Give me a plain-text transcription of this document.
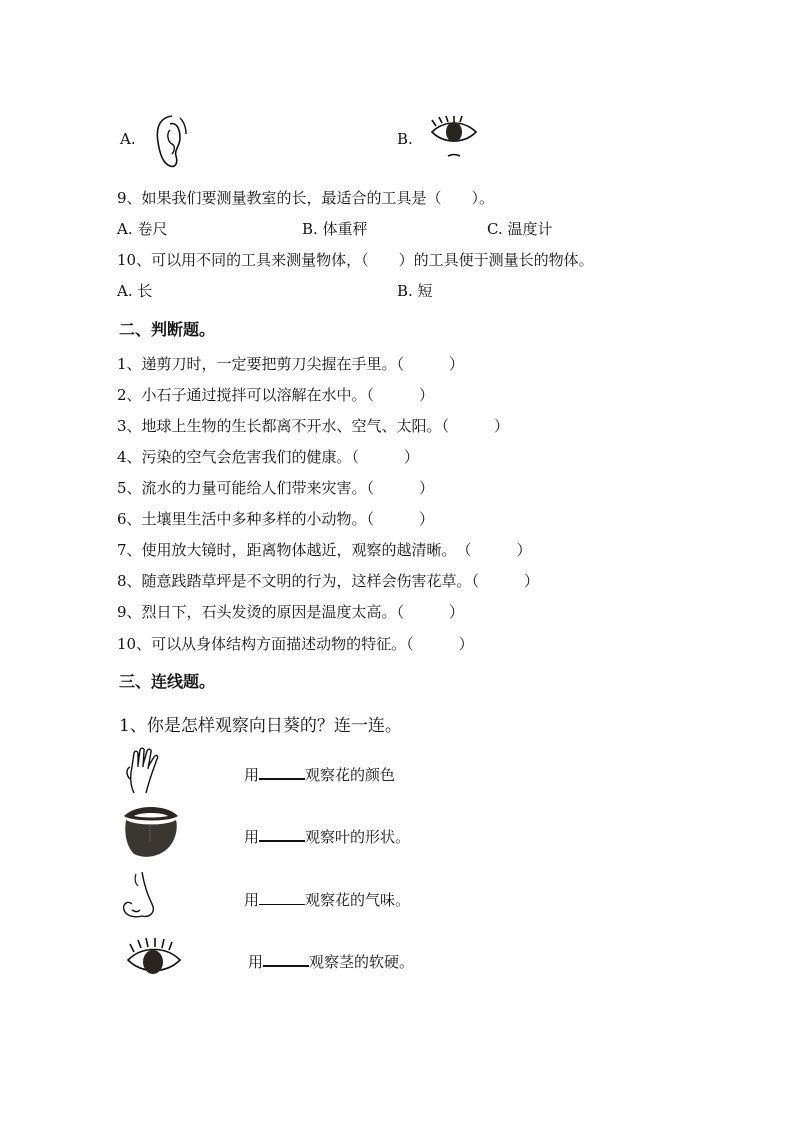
A.	B.
9、如果我们要测量教室的长，最适合的工具是（　　）。
A. 卷尺	B. 体重秤	C. 温度计
10、可以用不同的工具来测量物体，（　　）的工具便于测量长的物体。
A. 长	B. 短
二、判断题。
1、递剪刀时，一定要把剪刀尖握在手里。（　　　）
2、小石子通过搅拌可以溶解在水中。（　　　）
3、地球上生物的生长都离不开水、空气、太阳。（　　　）
4、污染的空气会危害我们的健康。（　　　）
5、流水的力量可能给人们带来灾害。（　　　）
6、土壤里生活中多种多样的小动物。（　　　）
7、使用放大镜时，距离物体越近，观察的越清晰。　（　　　）
8、随意践踏草坪是不文明的行为，这样会伤害花草。（　　　）
9、烈日下，石头发烫的原因是温度太高。（　　　）
10、可以从身体结构方面描述动物的特征。（　　　）
三、连线题。
1、你是怎样观察向日葵的？连一连。
用	观察花的颜色
用	观察叶的形状。
用	观察花的气味。
用	观察茎的软硬。
